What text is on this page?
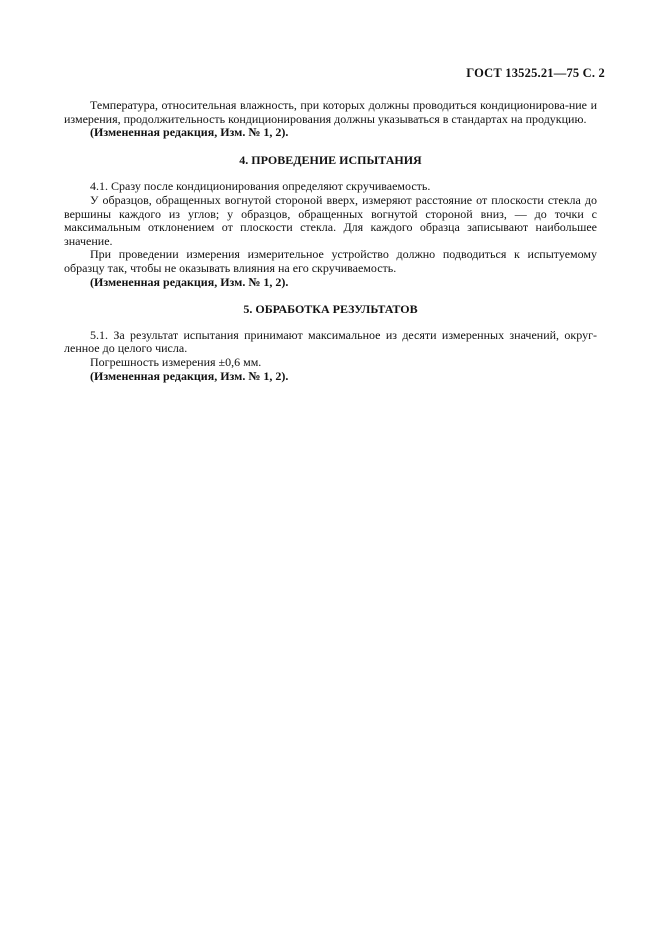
ГОСТ 13525.21—75 С. 2

Температура, относительная влажность, при которых должны проводиться кондиционирова-ние и измерения, продолжительность кондиционирования должны указываться в стандартах на продукцию.

(Измененная редакция, Изм. № 1, 2).

4. ПРОВЕДЕНИЕ ИСПЫТАНИЯ

4.1. Сразу после кондиционирования определяют скручиваемость.

У образцов, обращенных вогнутой стороной вверх, измеряют расстояние от плоскости стекла до вершины каждого из углов; у образцов, обращенных вогнутой стороной вниз, — до точки с максимальным отклонением от плоскости стекла. Для каждого образца записывают наибольшее значение.

При проведении измерения измерительное устройство должно подводиться к испытуемому образцу так, чтобы не оказывать влияния на его скручиваемость.

(Измененная редакция, Изм. № 1, 2).

5. ОБРАБОТКА РЕЗУЛЬТАТОВ

5.1. За результат испытания принимают максимальное из десяти измеренных значений, округ-ленное до целого числа.

Погрешность измерения ±0,6 мм.

(Измененная редакция, Изм. № 1, 2).
